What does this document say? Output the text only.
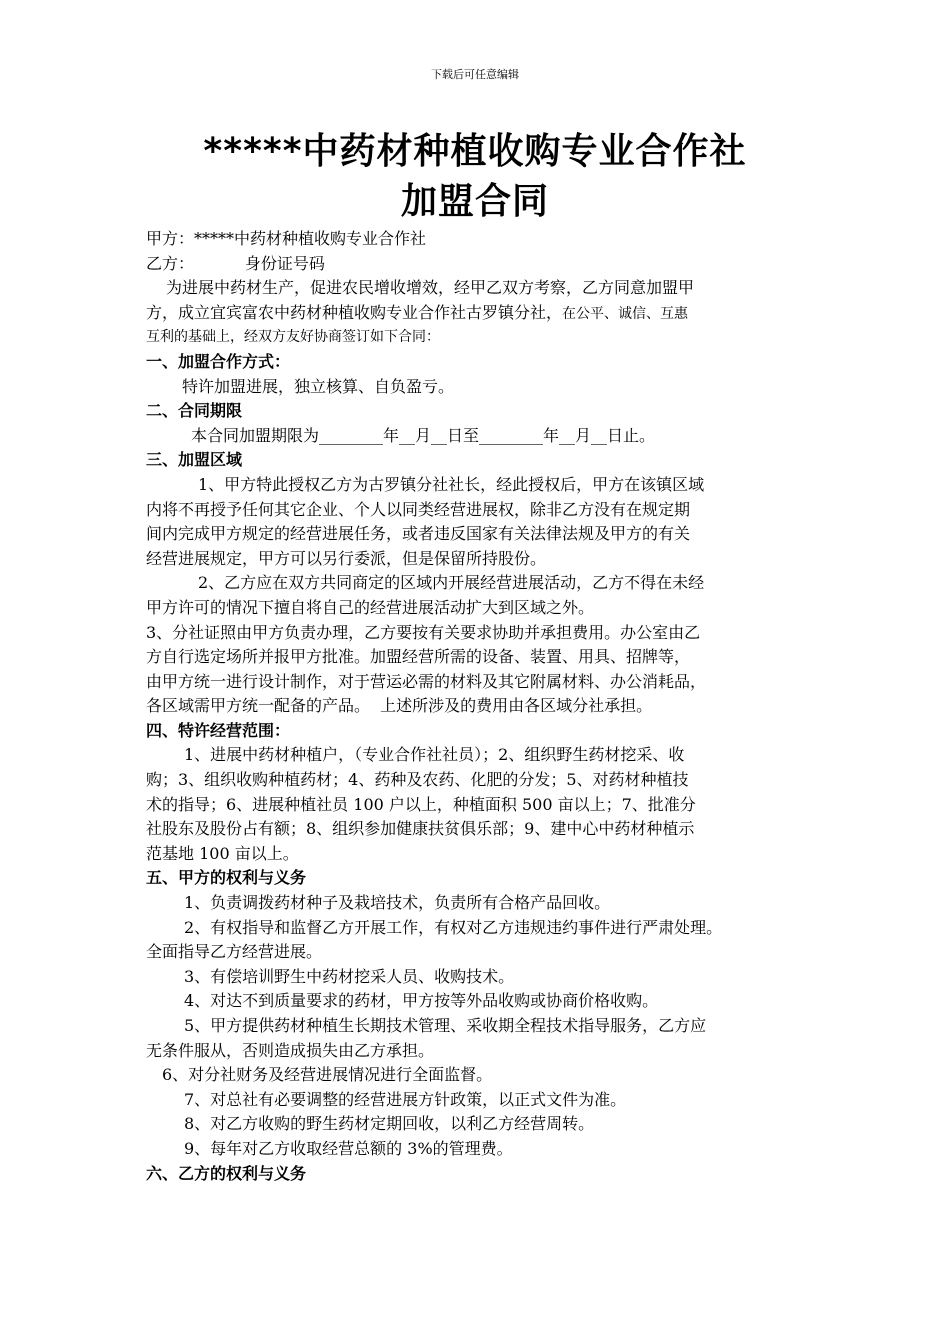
下载后可任意编辑
*****中药材种植收购专业合作社
加盟合同
甲方：*****中药材种植收购专业合作社
乙方：          身份证号码
为进展中药材生产，促进农民增收增效，经甲乙双方考察，乙方同意加盟甲
方，成立宜宾富农中药材种植收购专业合作社古罗镇分社，在公平、诚信、互惠
互利的基础上，经双方友好协商签订如下合同：
一、加盟合作方式：
特许加盟进展，独立核算、自负盈亏。
二、合同期限
本合同加盟期限为________年__月__日至________年__月__日止。
三、加盟区域
1、甲方特此授权乙方为古罗镇分社社长，经此授权后，甲方在该镇区域
内将不再授予任何其它企业、个人以同类经营进展权，除非乙方没有在规定期
间内完成甲方规定的经营进展任务，或者违反国家有关法律法规及甲方的有关
经营进展规定，甲方可以另行委派，但是保留所持股份。
2、乙方应在双方共同商定的区域内开展经营进展活动，乙方不得在未经
甲方许可的情况下擅自将自己的经营进展活动扩大到区域之外。
3、分社证照由甲方负责办理，乙方要按有关要求协助并承担费用。办公室由乙
方自行选定场所并报甲方批准。加盟经营所需的设备、装置、用具、招牌等，
由甲方统一进行设计制作，对于营运必需的材料及其它附属材料、办公消耗品，
各区域需甲方统一配备的产品。  上述所涉及的费用由各区域分社承担。
四、特许经营范围：
1、进展中药材种植户，（专业合作社社员）；2、组织野生药材挖采、收
购；3、组织收购种植药材；4、药种及农药、化肥的分发；5、对药材种植技
术的指导；6、进展种植社员 100 户以上，种植面积 500 亩以上；7、批准分
社股东及股份占有额；8、组织参加健康扶贫俱乐部；9、建中心中药材种植示
范基地 100 亩以上。
五、甲方的权利与义务
1、负责调拨药材种子及栽培技术，负责所有合格产品回收。
2、有权指导和监督乙方开展工作，有权对乙方违规违约事件进行严肃处理。
全面指导乙方经营进展。
3、有偿培训野生中药材挖采人员、收购技术。
4、对达不到质量要求的药材，甲方按等外品收购或协商价格收购。
5、甲方提供药材种植生长期技术管理、采收期全程技术指导服务，乙方应
无条件服从，否则造成损失由乙方承担。
6、对分社财务及经营进展情况进行全面监督。
7、对总社有必要调整的经营进展方针政策，以正式文件为准。
8、对乙方收购的野生药材定期回收，以利乙方经营周转。
9、每年对乙方收取经营总额的 3%的管理费。
六、乙方的权利与义务
